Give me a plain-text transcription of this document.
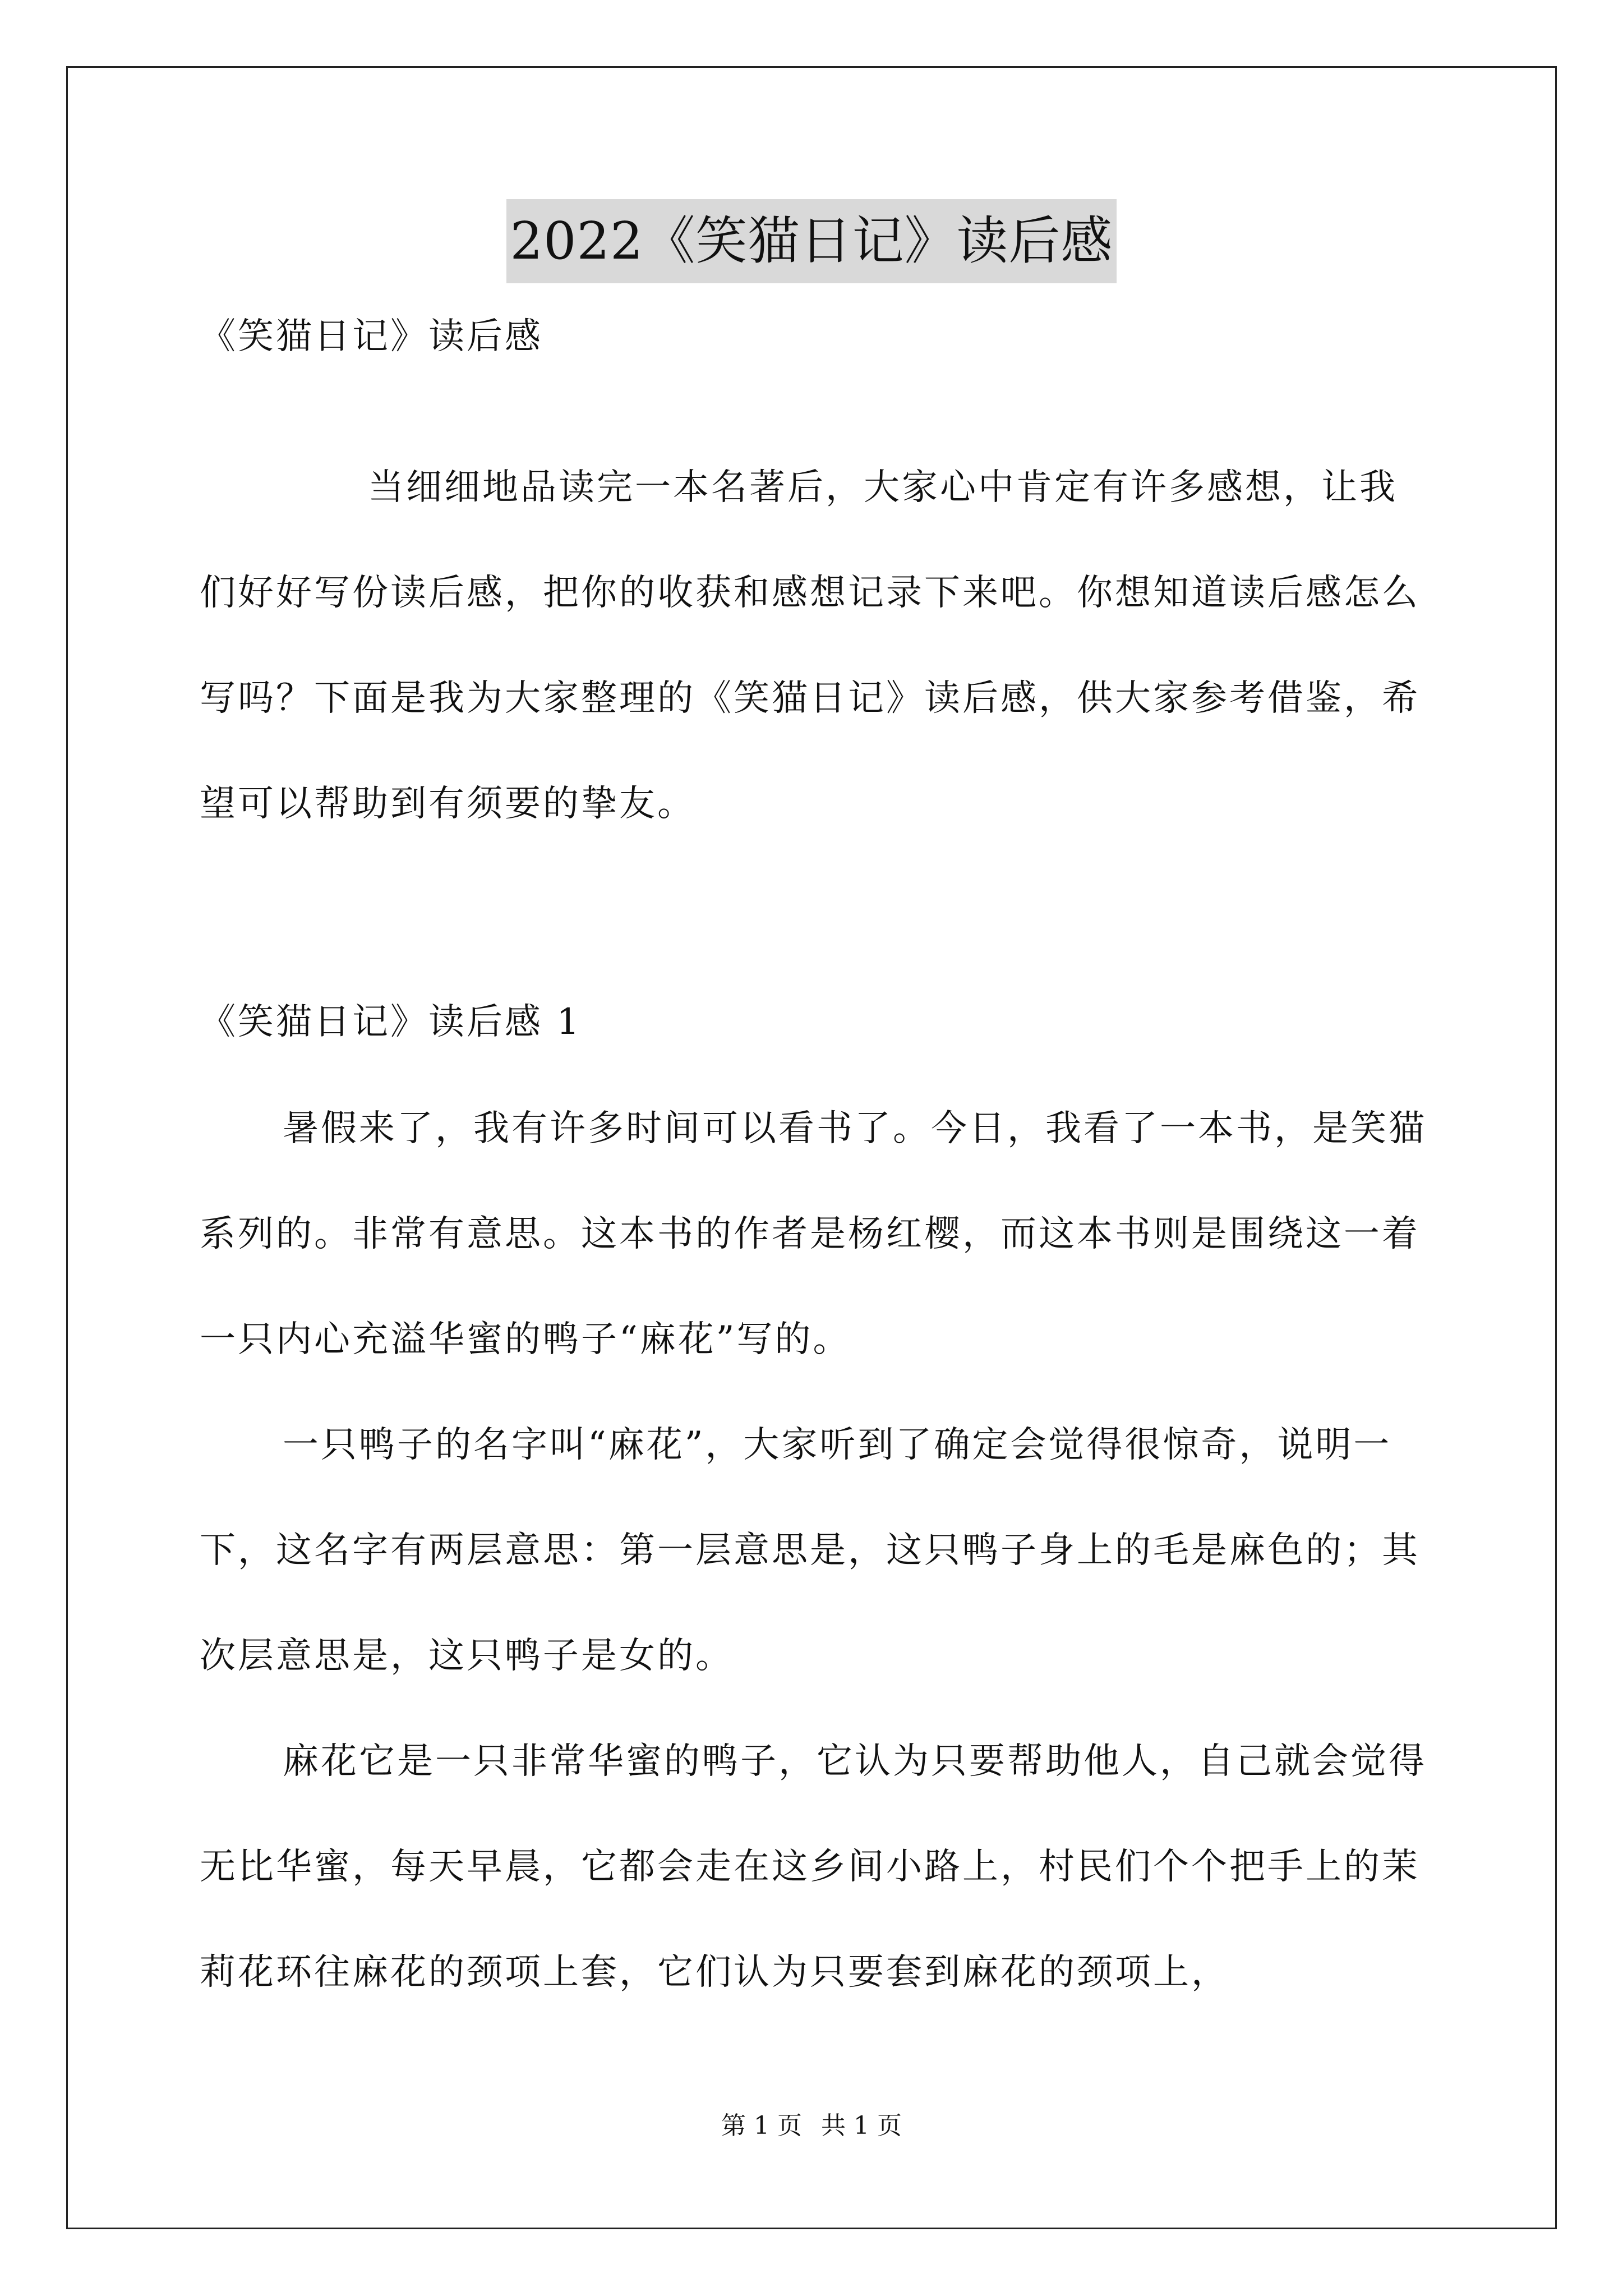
2022《笑猫日记》读后感
《笑猫日记》读后感

当细细地品读完一本名著后，大家心中肯定有许多感想，让我们好好写份读后感，把你的收获和感想记录下来吧。你想知道读后感怎么写吗？下面是我为大家整理的《笑猫日记》读后感，供大家参考借鉴，希望可以帮助到有须要的挚友。

《笑猫日记》读后感 1

暑假来了，我有许多时间可以看书了。今日，我看了一本书，是笑猫系列的。非常有意思。这本书的作者是杨红樱，而这本书则是围绕这一着一只内心充溢华蜜的鸭子“麻花”写的。

一只鸭子的名字叫“麻花”，大家听到了确定会觉得很惊奇，说明一下，这名字有两层意思：第一层意思是，这只鸭子身上的毛是麻色的；其次层意思是，这只鸭子是女的。

麻花它是一只非常华蜜的鸭子，它认为只要帮助他人，自己就会觉得无比华蜜，每天早晨，它都会走在这乡间小路上，村民们个个把手上的茉莉花环往麻花的颈项上套，它们认为只要套到麻花的颈项上，

第 1 页 共 1 页
